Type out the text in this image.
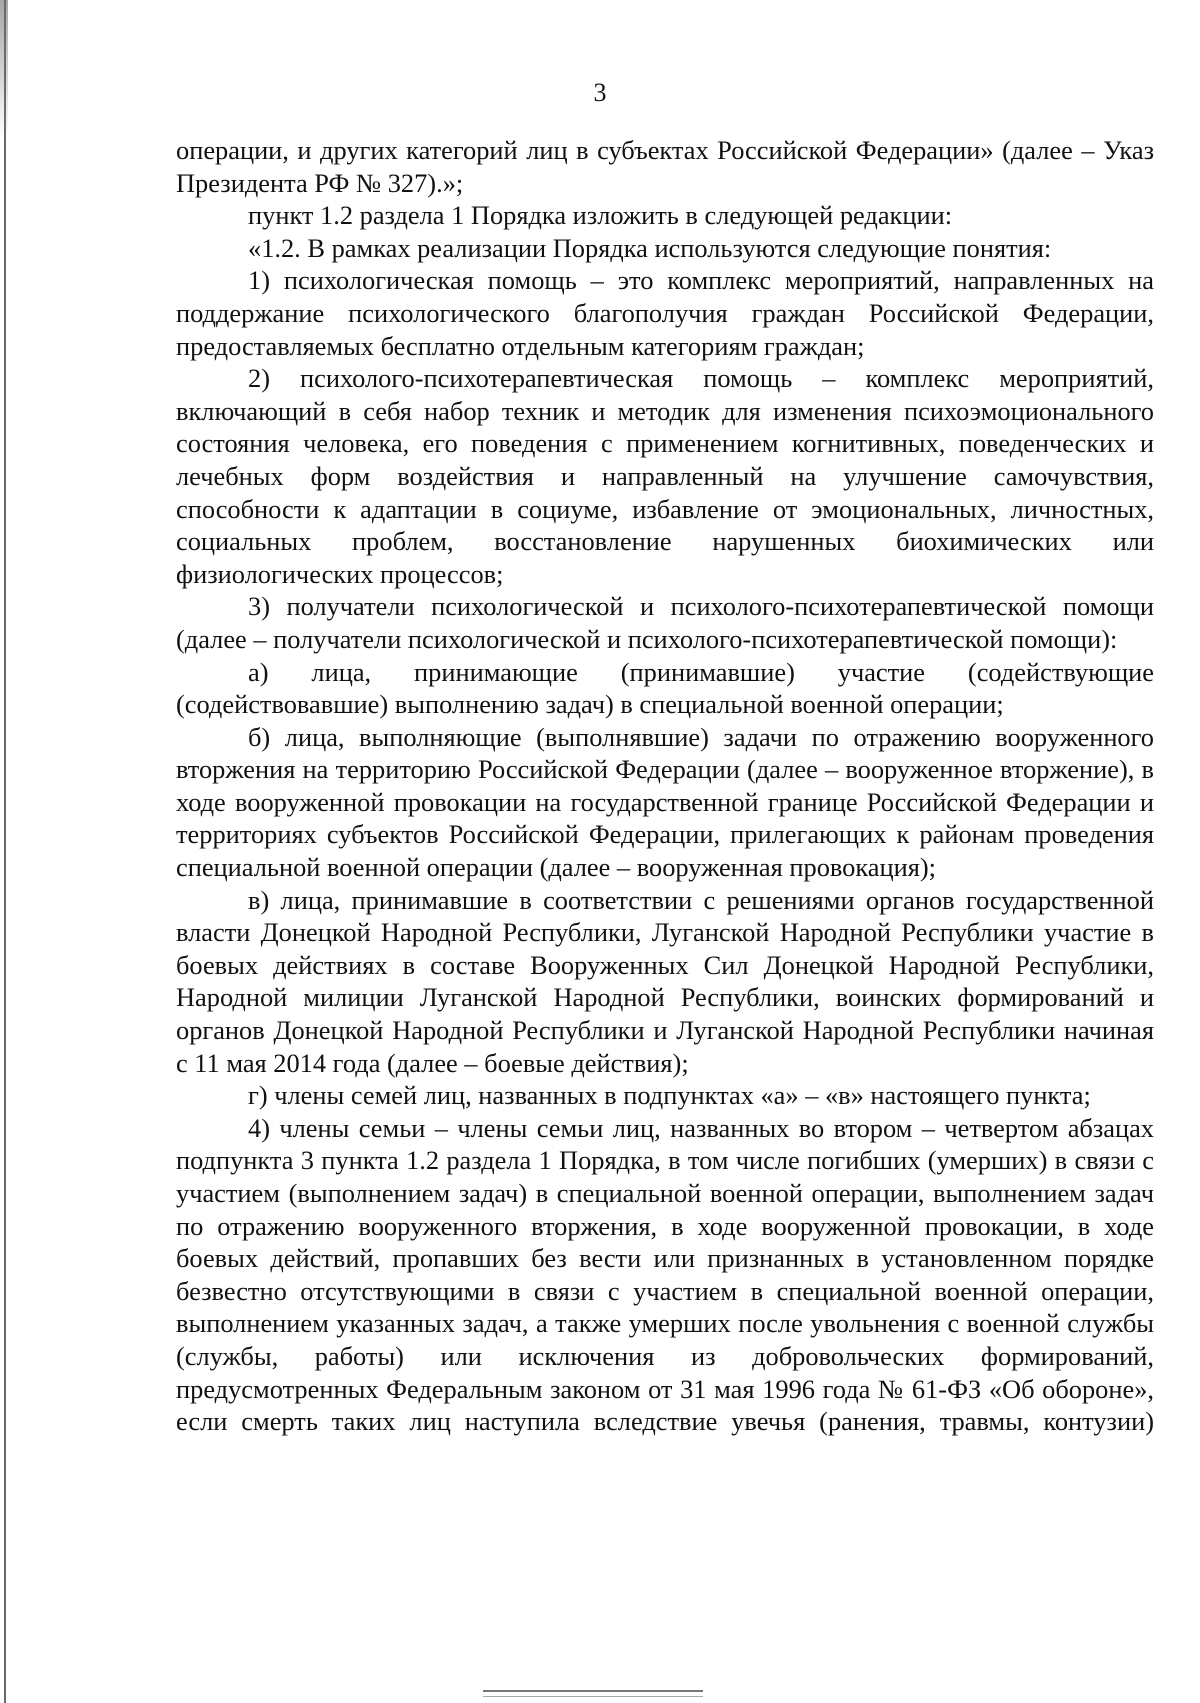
3

операции, и других категорий лиц в субъектах Российской Федерации» (далее – Указ Президента РФ № 327).»;

пункт 1.2 раздела 1 Порядка изложить в следующей редакции:

«1.2. В рамках реализации Порядка используются следующие понятия:

1) психологическая помощь – это комплекс мероприятий, направленных на поддержание психологического благополучия граждан Российской Федерации, предоставляемых бесплатно отдельным категориям граждан;

2) психолого-психотерапевтическая помощь – комплекс мероприятий, включающий в себя набор техник и методик для изменения психоэмоционального состояния человека, его поведения с применением когнитивных, поведенческих и лечебных форм воздействия и направленный на улучшение самочувствия, способности к адаптации в социуме, избавление от эмоциональных, личностных, социальных проблем, восстановление нарушенных биохимических или физиологических процессов;

3) получатели психологической и психолого-психотерапевтической помощи (далее – получатели психологической и психолого-психотерапевтической помощи):

а) лица, принимающие (принимавшие) участие (содействующие (содействовавшие) выполнению задач) в специальной военной операции;

б) лица, выполняющие (выполнявшие) задачи по отражению вооруженного вторжения на территорию Российской Федерации (далее – вооруженное вторжение), в ходе вооруженной провокации на государственной границе Российской Федерации и территориях субъектов Российской Федерации, прилегающих к районам проведения специальной военной операции (далее – вооруженная провокация);

в) лица, принимавшие в соответствии с решениями органов государственной власти Донецкой Народной Республики, Луганской Народной Республики участие в боевых действиях в составе Вооруженных Сил Донецкой Народной Республики, Народной милиции Луганской Народной Республики, воинских формирований и органов Донецкой Народной Республики и Луганской Народной Республики начиная с 11 мая 2014 года (далее – боевые действия);

г) члены семей лиц, названных в подпунктах «а» – «в» настоящего пункта;

4) члены семьи – члены семьи лиц, названных во втором – четвертом абзацах подпункта 3 пункта 1.2 раздела 1 Порядка, в том числе погибших (умерших) в связи с участием (выполнением задач) в специальной военной операции, выполнением задач по отражению вооруженного вторжения, в ходе вооруженной провокации, в ходе боевых действий, пропавших без вести или признанных в установленном порядке безвестно отсутствующими в связи с участием в специальной военной операции, выполнением указанных задач, а также умерших после увольнения с военной службы (службы, работы) или исключения из добровольческих формирований, предусмотренных Федеральным законом от 31 мая 1996 года № 61-ФЗ «Об обороне», если смерть таких лиц наступила вследствие увечья (ранения, травмы, контузии)
